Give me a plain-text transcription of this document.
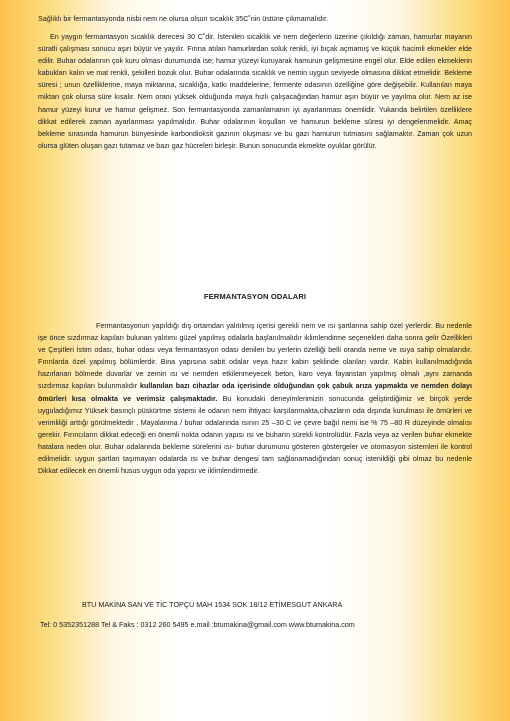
Sağlıklı bir fermantasyonda nisbi nem ne olursa olsun sıcaklık 35C˚nin üstüne çıkmamalıdır.

En yaygın fermantasyon sıcaklık derecesi 30 C˚dir. İstenilen sıcaklık ve nem değerlerin üzerine çıkıldığı zaman, hamurlar mayanın süratli çalışması sonucu aşırı büyür ve yayılır. Fırına atılan hamurlardan soluk renkli, iyi bıçak açmamış ve küçük hacimli ekmekler elde edilir. Buhar odalarının çok kuru olması durumunda ise; hamur yüzeyi kuruyarak hamurun gelişmesine engel olur. Elde edilen ekmeklerin kabukları kalın ve mat renkli, şekilleri bozuk olur. Buhar odalarında sıcaklık ve nemin uygun seviyede olmasına dikkat etmelidir. Bekleme süresi ; unun özelliklerine, maya miktarına, sıcaklığa, katkı maddelerine, fermente odasının özelliğine göre değişebilir. Kullanılan maya miktarı çok olursa süre kısalır. Nem oranı yüksek olduğunda maya hızlı çalışacağından hamur aşırı büyür ve yayılma olur. Nem az ise hamur yüzeyi kurur ve hamur gelişmez. Son fermantasyonda zamanlamanın iyi ayarlanması önemlidir. Yukarıda belirtilen özelliklere dikkat edilerek zaman ayarlanması yapılmalıdır. Buhar odalarının koşulları ve hamurun bekleme süresi iyi dengelenmelidir. Amaç bekleme sırasında hamurun bünyesinde karbondioksit gazının oluşması ve bu gazı hamurun tutmasını sağlamaktır. Zaman çok uzun olursa glüten oluşan gazı tutamaz ve bazı gaz hücreleri birleşir. Bunun sonucunda ekmekte oyuklar görülür.

FERMANTASYON ODALARI

Fermantasyonun yapıldığı dış ortamdan yalıtılmış içerisi gerekli nem ve ısı şartlarına sahip özel yerlerdir. Bu nedenle işe önce sızdırmaz kapıları bulunan yalıtımı güzel yapılmış odalarla başlanılmalıdır iklimlendirme seçenekleri daha sonra gelir Özellikleri ve Çeşitleri İstim odası, buhar odası veya fermantasyon odası denilen bu yerlerin özelliği belli oranda neme ve ısıya sahip olmalarıdır. Fırınlarda özel yapılmış bölümlerdir. Bina yapısına sabit odalar veya hazır kabin şeklinde olanları vardır. Kabin kullanılmadığında hazırlanan bölmede duvarlar ve zemin ısı ve nemden etkilenmeyecek beton, karo veya fayanstan yapılmış olmalı ,aynı zamanda sızdırmaz kapıları bulunmalıdır kullanılan bazı cihazlar oda içerisinde olduğundan çok çabuk arıza yapmakta ve nemden dolayı ömürleri kısa olmakta ve verimsiz çalışmaktadır. Bu konudaki deneyimlerimizin sonucunda geliştirdiğimiz ve birçok yerde uyguladığımız Yüksek basınçlı püskürtme sistemi ile odanın nem ihtiyacı karşılanmakta,cihazların oda dışında kurulması ile ömürleri ve verimliliği arttığı görülmektedir . Mayalanma / buhar odalarında ısının 25 –30 C ve çevre bağıl nemi ise % 75 –80 R düzeyinde olmalısı gerekir. Fırıncıların dikkat edeceği en önemli nokta odanın yapısı ısı ve buharın sürekli kontrolüdür. Fazla veya az verilen buhar ekmekte hatalara neden olur. Buhar odalarında bekleme sürelerini ısı- buhar durumunu gösteren göstergeler ve otomasyon sistemleri ile kontrol edilmelidir. uygun şartları taşımayan odalarda ısı ve buhar dengesi tam sağlanamadığından sonuç istenildiği gibi olmaz bu nedenle Dikkat edilecek en önemli husus uygun oda yapısı ve iklimlendirmedir.

BTU MAKİNA SAN VE TİC TOPÇU MAH 1534 SOK 18/12 ETİMESGUT ANKARA

Tel: 0 5352351288 Tel & Faks : 0312 260 5495 e.mail :btumakina@gmail.com www.btumakina.com
